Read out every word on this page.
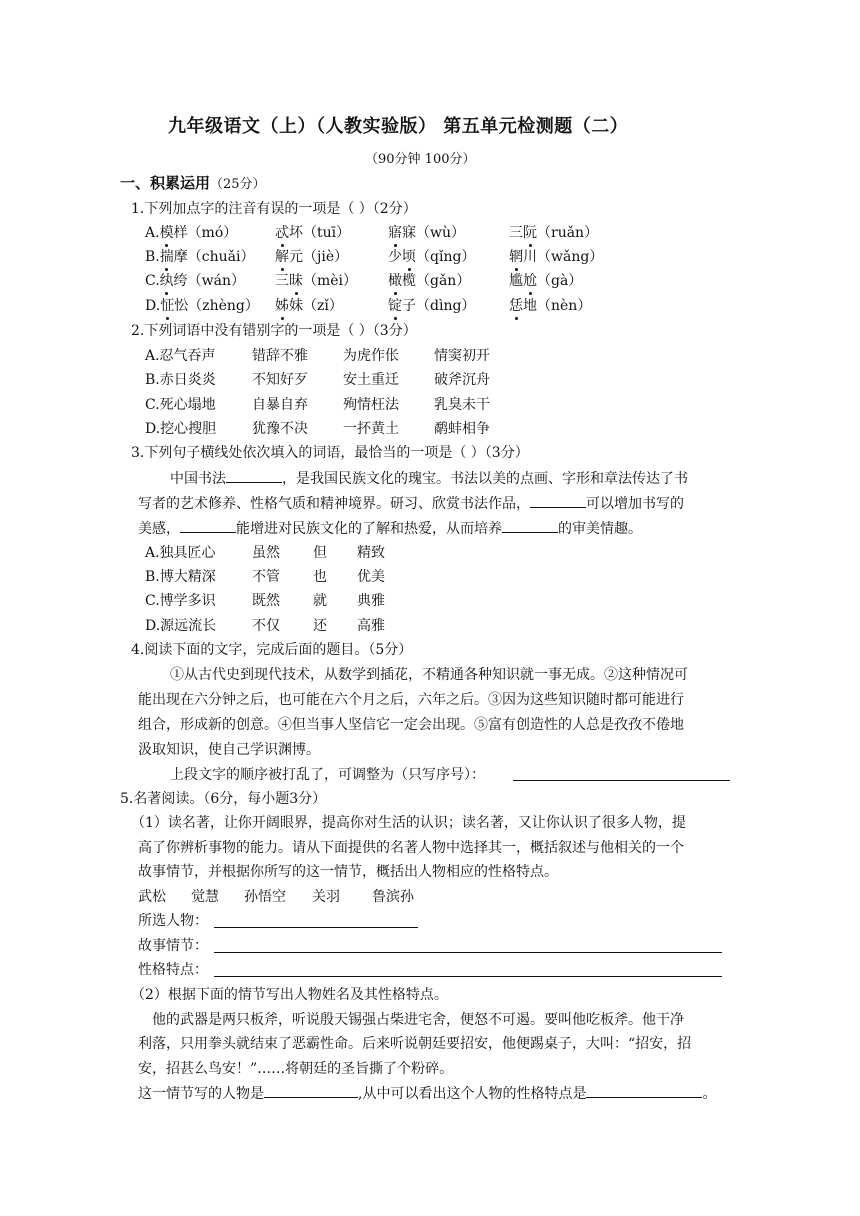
九年级语文（上）（人教实验版） 第五单元检测题（二）
（90分钟 100分）
一、积累运用（25分）
1.下列加点字的注音有误的一项是（ ）（2分）
A.模样（mó）	忒坏（tuī）	寤寐（wù）	三阮（ruǎn）
B.揣摩（chuǎi） 解元（jiè）	少顷（qǐng） 辋川（wǎng）
C.纨绔（wán） 三昧（mèi） 橄榄（gǎn）	尴尬（gà）
D.怔忪（zhèng） 姊妹（zǐ）	锭子（dìng） 恁地（nèn）
2.下列词语中没有错别字的一项是（ ）（3分）
A.忍气吞声	错辞不雅	为虎作伥	情窦初开
B.赤日炎炎	不知好歹	安土重迁	破斧沉舟
C.死心塌地	自暴自弃	殉情枉法	乳臭未干
D.挖心搜胆	犹豫不决	一抔黄土	鹬蚌相争
3.下列句子横线处依次填入的词语，最恰当的一项是（ ）（3分）
中国书法	，是我国民族文化的瑰宝。书法以美的点画、字形和章法传达了书
写者的艺术修养、性格气质和精神境界。研习、欣赏书法作品，	可以增加书写的
美感，	能增进对民族文化的了解和热爱，从而培养	的审美情趣。
A.独具匠心	虽然 但 精致
B.博大精深	不管 也 优美
C.博学多识	既然 就 典雅
D.源远流长	不仅 还 高雅
4.阅读下面的文字，完成后面的题目。（5分）
①从古代史到现代技术，从数学到插花，不精通各种知识就一事无成。②这种情况可
能出现在六分钟之后，也可能在六个月之后，六年之后。③因为这些知识随时都可能进行
组合，形成新的创意。④但当事人坚信它一定会出现。⑤富有创造性的人总是孜孜不倦地
汲取知识，使自己学识渊博。
上段文字的顺序被打乱了，可调整为（只写序号）：
5.名著阅读。（6分，每小题3分）
（1）读名著，让你开阔眼界，提高你对生活的认识；读名著，又让你认识了很多人物，提
高了你辨析事物的能力。请从下面提供的名著人物中选择其一，概括叙述与他相关的一个
故事情节，并根据你所写的这一情节，概括出人物相应的性格特点。
武松 觉慧 孙悟空 关羽 鲁滨孙
所选人物：
故事情节：
性格特点：
（2）根据下面的情节写出人物姓名及其性格特点。
他的武器是两只板斧，听说殷天锡强占柴进宅舍，便怒不可遏。要叫他吃板斧。他干净
利落，只用拳头就结束了恶霸性命。后来听说朝廷要招安，他便踢桌子，大叫：“招安，招
安，招甚么鸟安！”……将朝廷的圣旨撕了个粉碎。
这一情节写的人物是	,从中可以看出这个人物的性格特点是	。
